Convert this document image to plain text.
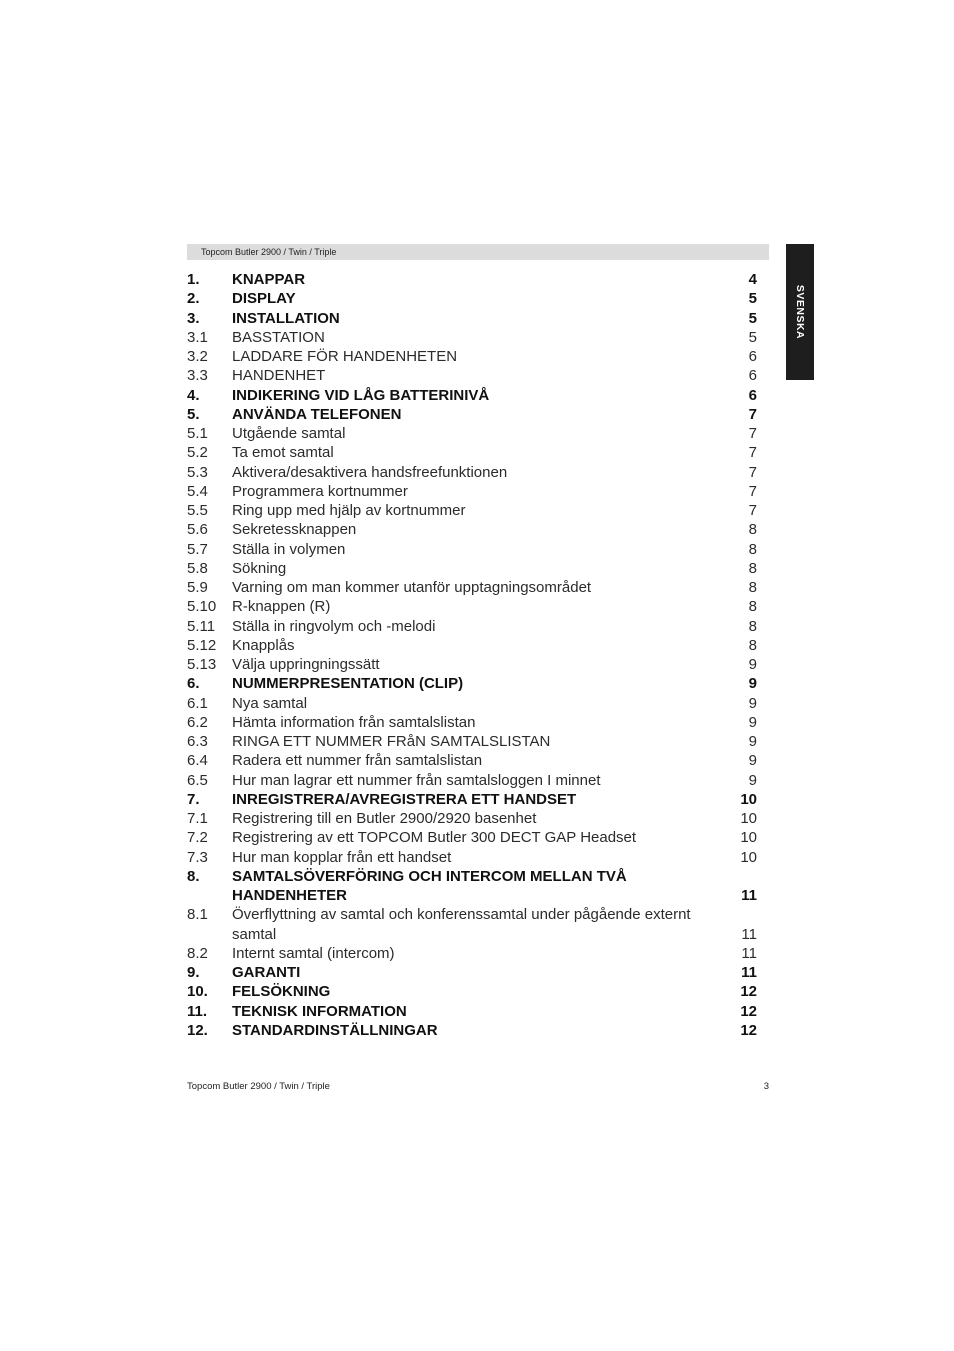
Topcom Butler 2900 / Twin / Triple
SVENSKA
1. KNAPPAR	4
2. DISPLAY	5
3. INSTALLATION	5
3.1 BASSTATION	5
3.2 LADDARE FÖR HANDENHETEN	6
3.3 HANDENHET	6
4. INDIKERING VID LÅG BATTERINIVÅ	6
5. ANVÄNDA TELEFONEN	7
5.1 Utgående samtal	7
5.2 Ta emot samtal	7
5.3 Aktivera/desaktivera handsfreefunktionen	7
5.4 Programmera kortnummer	7
5.5 Ring upp med hjälp av kortnummer	7
5.6 Sekretessknappen	8
5.7 Ställa in volymen	8
5.8 Sökning	8
5.9 Varning om man kommer utanför upptagningsområdet	8
5.10 R-knappen (R)	8
5.11 Ställa in ringvolym och -melodi	8
5.12 Knapplås	8
5.13 Välja uppringningssätt	9
6. NUMMERPRESENTATION (CLIP)	9
6.1 Nya samtal	9
6.2 Hämta information från samtalslistan	9
6.3 RINGA ETT NUMMER FRåN SAMTALSLISTAN	9
6.4 Radera ett nummer från samtalslistan	9
6.5 Hur man lagrar ett nummer från samtalsloggen I minnet	9
7. INREGISTRERA/AVREGISTRERA ETT HANDSET	10
7.1 Registrering till en Butler 2900/2920 basenhet	10
7.2 Registrering av ett TOPCOM Butler 300 DECT GAP Headset	10
7.3 Hur man kopplar från ett handset	10
8. SAMTALSÖVERFÖRING OCH INTERCOM MELLAN TVÅ HANDENHETER	11
8.1 Överflyttning av samtal och konferenssamtal under pågående externt samtal	11
8.2 Internt samtal (intercom)	11
9. GARANTI	11
10. FELSÖKNING	12
11. TEKNISK INFORMATION	12
12. STANDARDINSTÄLLNINGAR	12
Topcom Butler 2900 / Twin / Triple	3
